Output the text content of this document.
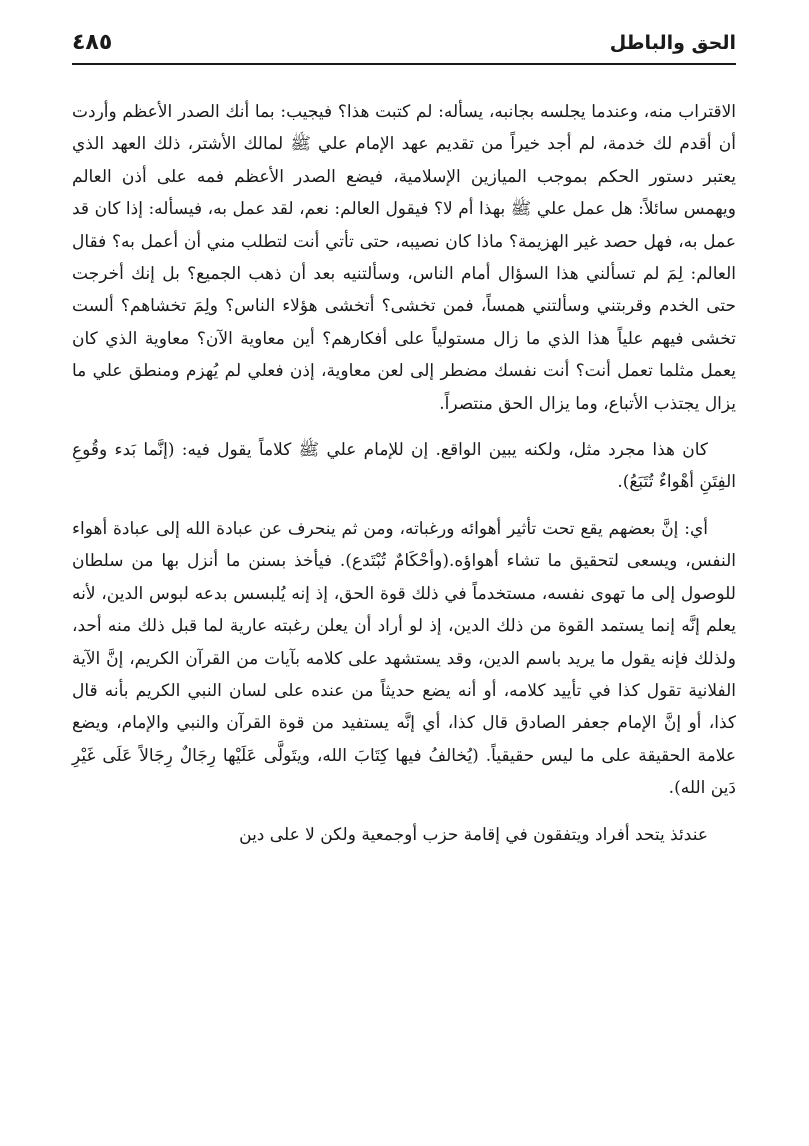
الحق والباطل
٤٨٥

الاقتراب منه، وعندما يجلسه بجانبه، يسأله: لم كتبت هذا؟ فيجيب: بما أنك الصدر الأعظم وأردت أن أقدم لك خدمة، لم أجد خيراً من تقديم عهد الإمام علي ﷺ لمالك الأشتر، ذلك العهد الذي يعتبر دستور الحكم بموجب الميازين الإسلامية، فيضع الصدر الأعظم فمه على أذن العالم ويهمس سائلاً: هل عمل علي ﷺ بهذا أم لا؟ فيقول العالم: نعم، لقد عمل به، فيسأله: إذا كان قد عمل به، فهل حصد غير الهزيمة؟ ماذا كان نصيبه، حتى تأتي أنت لتطلب مني أن أعمل به؟ فقال العالم: لِمَ لم تسألني هذا السؤال أمام الناس، وسألتنيه بعد أن ذهب الجميع؟ بل إنك أخرجت حتى الخدم وقربتني وسألتني همساً، فمن تخشى؟ أتخشى هؤلاء الناس؟ ولِمَ تخشاهم؟ ألست تخشى فيهم علياً هذا الذي ما زال مستولياً على أفكارهم؟ أين معاوية الآن؟ معاوية الذي كان يعمل مثلما تعمل أنت؟ أنت نفسك مضطر إلى لعن معاوية، إذن فعلي لم يُهزم ومنطق علي ما يزال يجتذب الأتباع، وما يزال الحق منتصراً.

كان هذا مجرد مثل، ولكنه يبين الواقع. إن للإمام علي ﷺ كلاماً يقول فيه: (إنَّما بَدء وقُوعِ الفِتَنِ أهْواءٌ تُتَبَعُ).

أي: إنَّ بعضهم يقع تحت تأثير أهوائه ورغباته، ومن ثم ينحرف عن عبادة الله إلى عبادة أهواء النفس، ويسعى لتحقيق ما تشاء أهواؤه.(وأحْكَامٌ تُبْتَدع). فيأخذ بسنن ما أنزل بها من سلطان للوصول إلى ما تهوى نفسه، مستخدماً في ذلك قوة الحق، إذ إنه يُلبسس بدعه لبوس الدين، لأنه يعلم إنَّه إنما يستمد القوة من ذلك الدين، إذ لو أراد أن يعلن رغبته عارية لما قبل ذلك منه أحد، ولذلك فإنه يقول ما يريد باسم الدين، وقد يستشهد على كلامه بآيات من القرآن الكريم، إنَّ الآية الفلانية تقول كذا في تأييد كلامه، أو أنه يضع حديثاً من عنده على لسان النبي الكريم بأنه قال كذا، أو إنَّ الإمام جعفر الصادق قال كذا، أي إنَّه يستفيد من قوة القرآن والنبي والإمام، ويضع علامة الحقيقة على ما ليس حقيقياً. (يُخالفُ فيها كِتَابَ الله، ويتَولَّى عَلَيْها رِجَالٌ رِجَالاً عَلَى غَيْرِ دَين الله).

عندئذ يتحد أفراد ويتفقون في إقامة حزب أوجمعية ولكن لا على دين
